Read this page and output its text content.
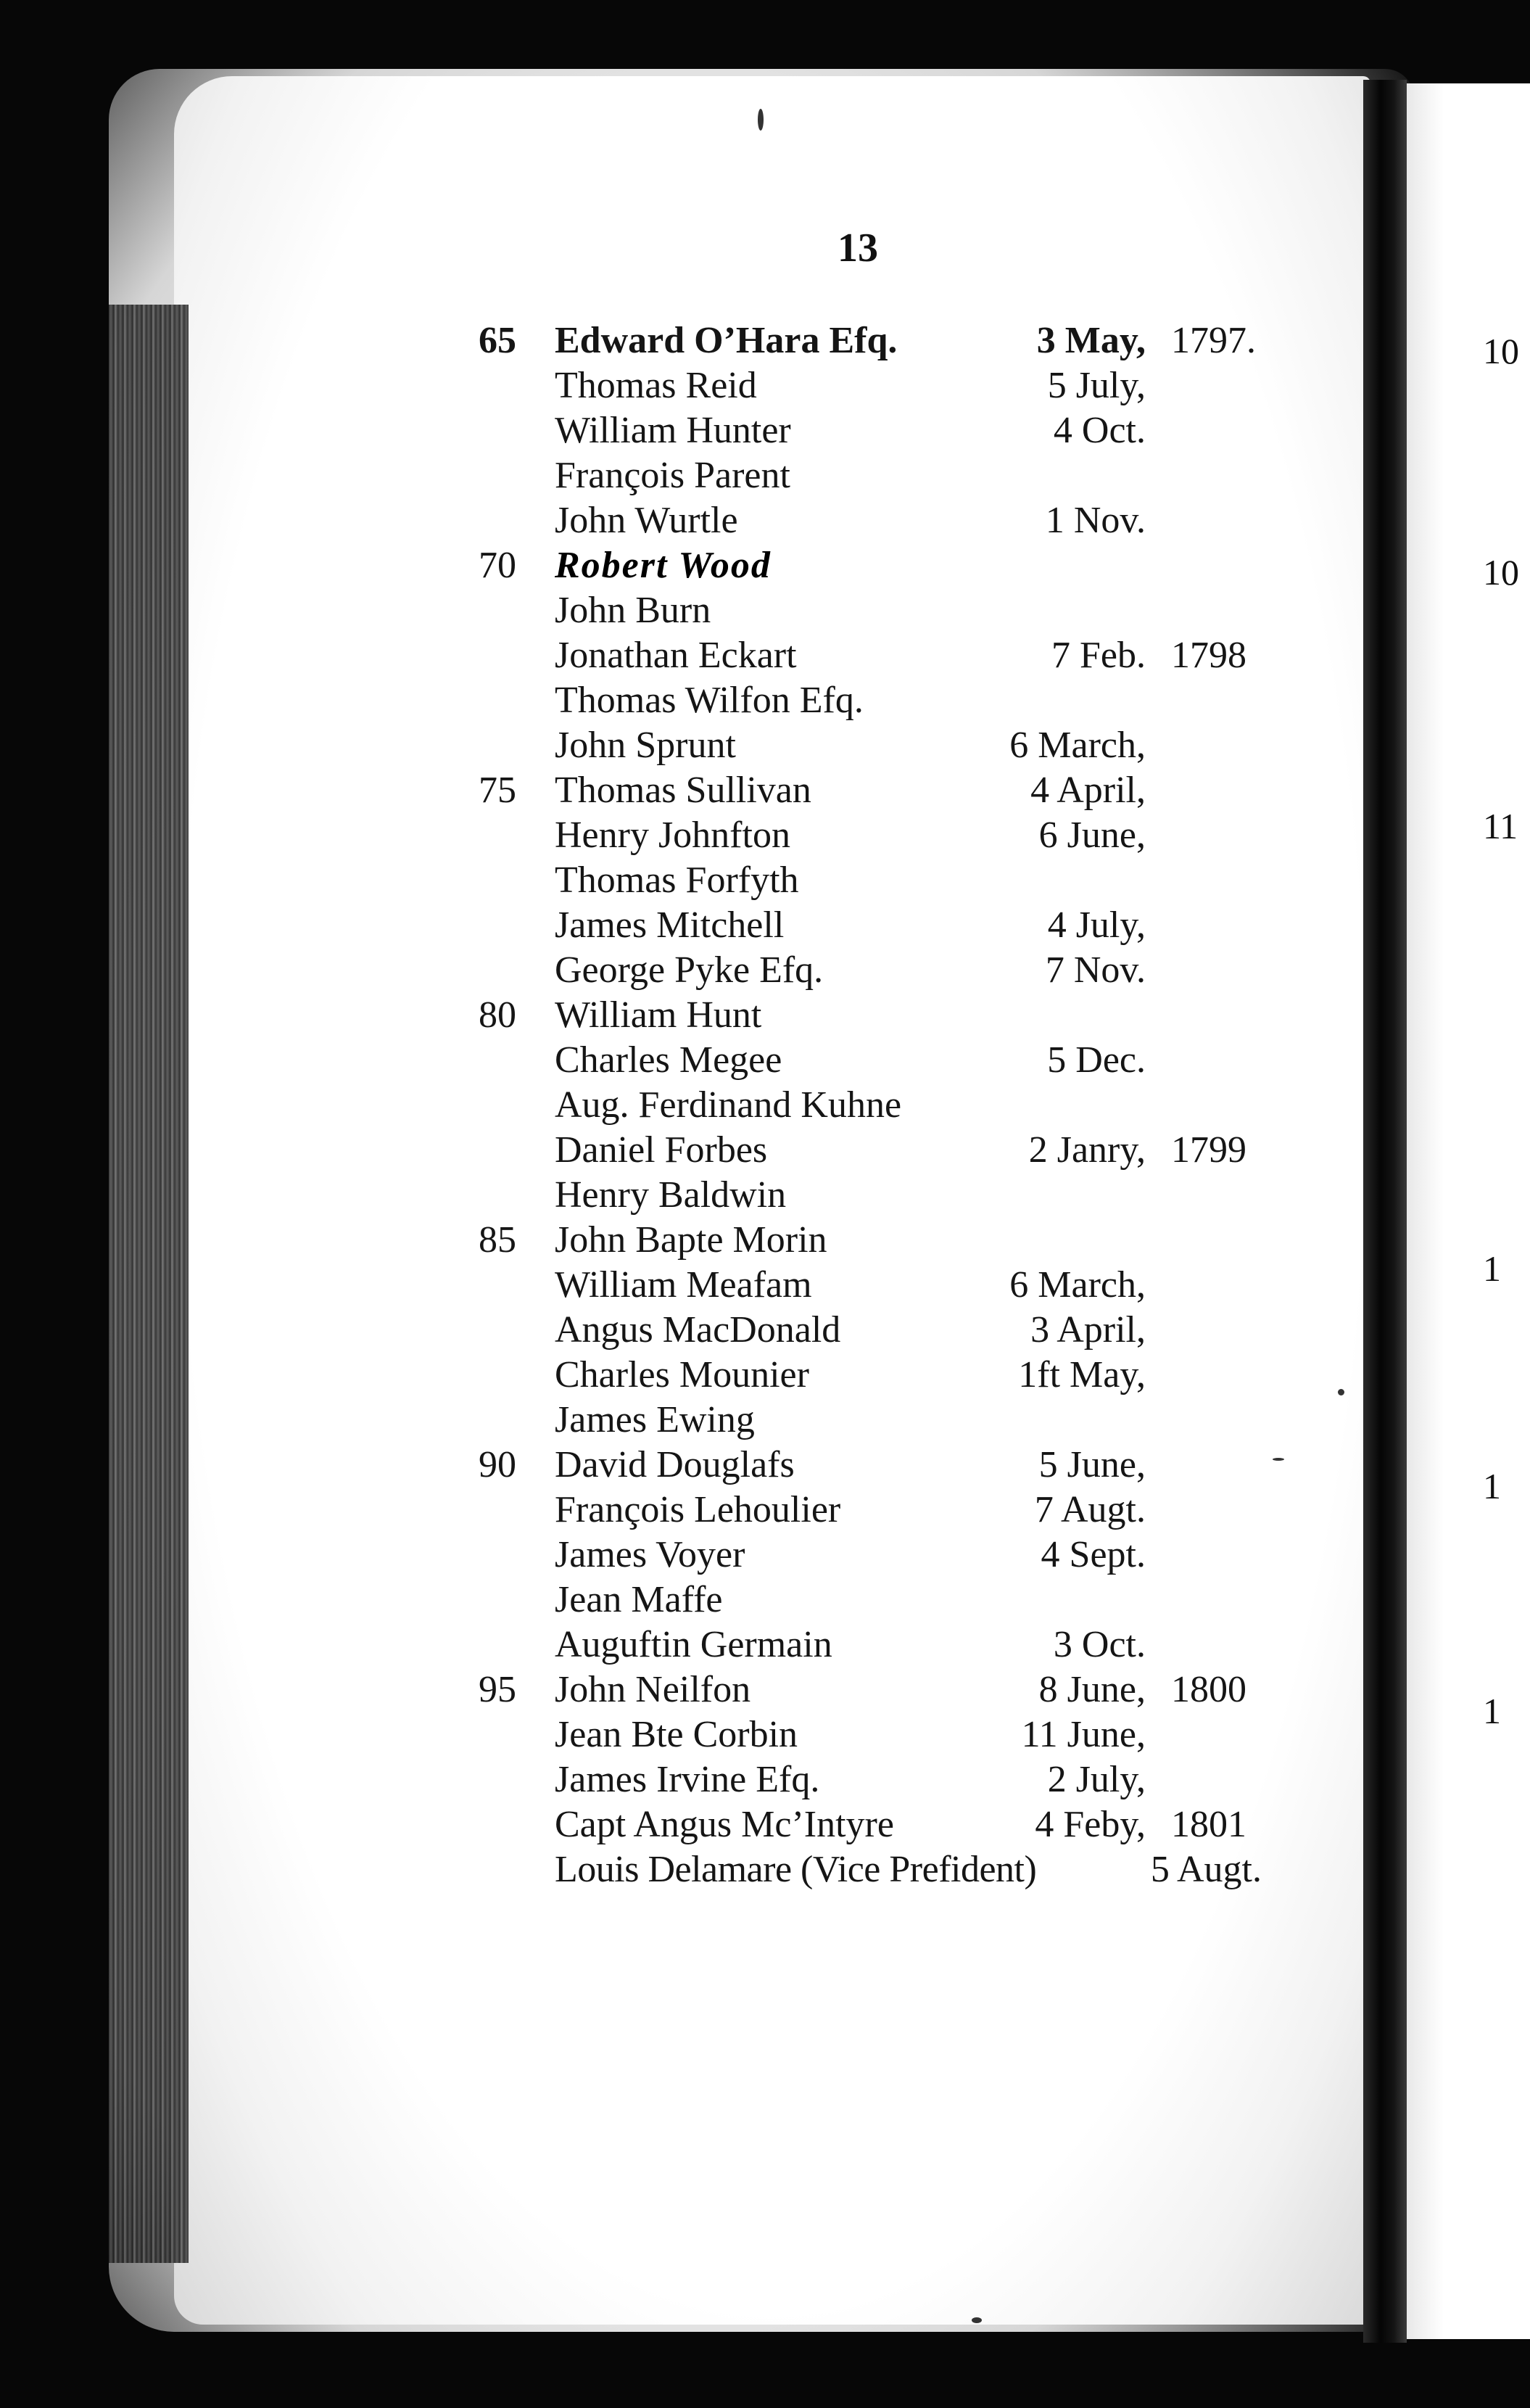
10
10
11
1
1
1
13
65	Edward O’Hara Efq.	3 May, 1797.
Thomas Reid	5 July,
William Hunter	4 Oct.
François Parent
John Wurtle	1 Nov.
70	Robert Wood
John Burn
Jonathan Eckart	7 Feb. 1798
Thomas Wilfon Efq.
John Sprunt	6 March,
75	Thomas Sullivan	4 April,
Henry Johnfton	6 June,
Thomas Forfyth
James Mitchell	4 July,
George Pyke Efq.	7 Nov.
80	William Hunt
Charles Megee	5 Dec.
Aug. Ferdinand Kuhne
Daniel Forbes	2 Janry, 1799
Henry Baldwin
85	John Bapte Morin
William Meafam	6 March,
Angus MacDonald	3 April,
Charles Mounier	1ft May,
James Ewing
90	David Douglafs	5 June,
François Lehoulier	7 Augt.
James Voyer	4 Sept.
Jean Maffe
Auguftin Germain	3 Oct.
95	John Neilfon	8 June, 1800
Jean Bte Corbin	11 June,
James Irvine Efq.	2 July,
Capt Angus Mc’Intyre	4 Feby, 1801
Louis Delamare (Vice Prefident)	5 Augt.
